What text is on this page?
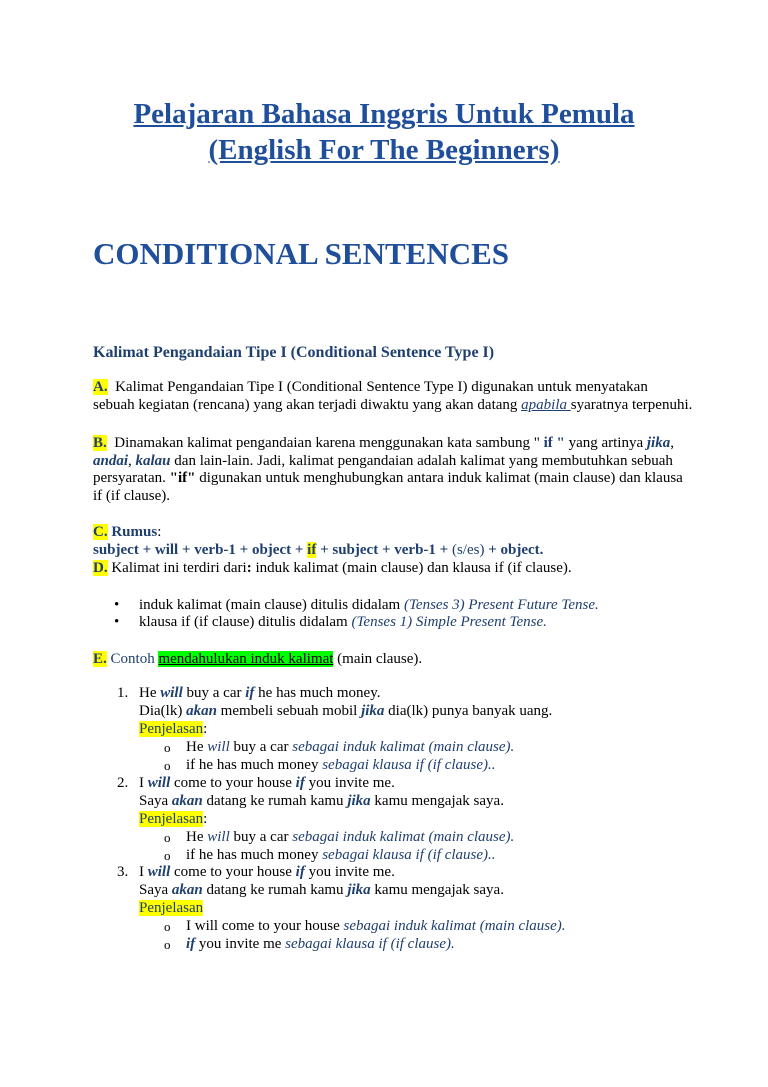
Pelajaran Bahasa Inggris Untuk Pemula
(English For The Beginners)
CONDITIONAL SENTENCES
Kalimat Pengandaian Tipe I (Conditional Sentence Type I)
A. Kalimat Pengandaian Tipe I (Conditional Sentence Type I) digunakan untuk menyatakan sebuah kegiatan (rencana) yang akan terjadi diwaktu yang akan datang apabila syaratnya terpenuhi.
B. Dinamakan kalimat pengandaian karena menggunakan kata sambung " if " yang artinya jika, andai, kalau dan lain-lain. Jadi, kalimat pengandaian adalah kalimat yang membutuhkan sebuah persyaratan. "if" digunakan untuk menghubungkan antara induk kalimat (main clause) dan klausa if (if clause).
C. Rumus:
subject + will + verb-1 + object + if + subject + verb-1 + (s/es) + object.
D. Kalimat ini terdiri dari: induk kalimat (main clause) dan klausa if (if clause).
• induk kalimat (main clause) ditulis didalam (Tenses 3) Present Future Tense.
• klausa if (if clause) ditulis didalam (Tenses 1) Simple Present Tense.
E. Contoh mendahulukan induk kalimat (main clause).
1. He will buy a car if he has much money.
Dia(lk) akan membeli sebuah mobil jika dia(lk) punya banyak uang.
Penjelasan:
o He will buy a car sebagai induk kalimat (main clause).
o if he has much money sebagai klausa if (if clause)..
2. I will come to your house if you invite me.
Saya akan datang ke rumah kamu jika kamu mengajak saya.
Penjelasan:
o He will buy a car sebagai induk kalimat (main clause).
o if he has much money sebagai klausa if (if clause)..
3. I will come to your house if you invite me.
Saya akan datang ke rumah kamu jika kamu mengajak saya.
Penjelasan
o I will come to your house sebagai induk kalimat (main clause).
o if you invite me sebagai klausa if (if clause).
